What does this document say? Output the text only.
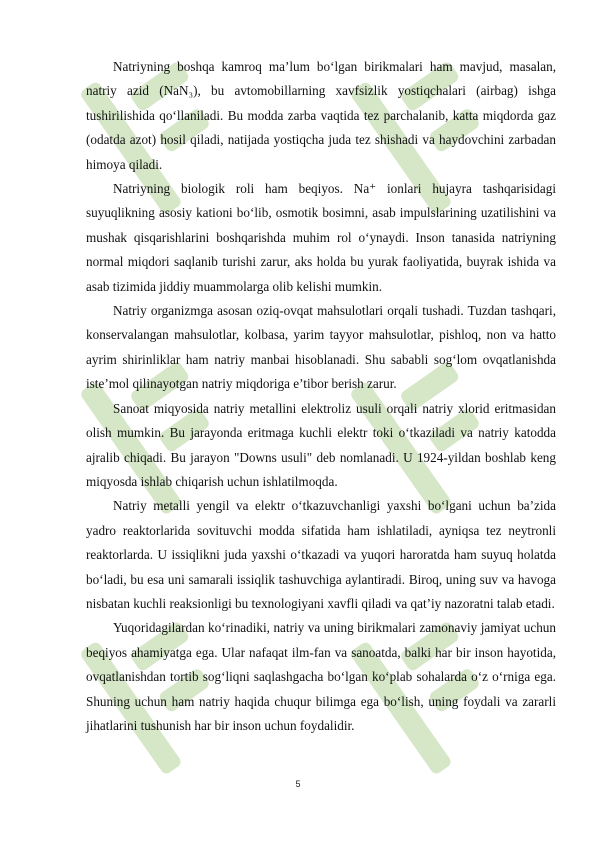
Natriyning boshqa kamroq ma’lum bo‘lgan birikmalari ham mavjud, masalan, natriy azid (NaN₃), bu avtomobillarning xavfsizlik yostiqchalari (airbag) ishga tushirilishida qo‘llaniladi. Bu modda zarba vaqtida tez parchalanib, katta miqdorda gaz (odatda azot) hosil qiladi, natijada yostiqcha juda tez shishadi va haydovchini zarbadan himoya qiladi.

Natriyning biologik roli ham beqiyos. Na⁺ ionlari hujayra tashqarisidagi suyuqlikning asosiy kationi bo‘lib, osmotik bosimni, asab impulslarining uzatilishini va mushak qisqarishlarini boshqarishda muhim rol o‘ynaydi. Inson tanasida natriyning normal miqdori saqlanib turishi zarur, aks holda bu yurak faoliyatida, buyrak ishida va asab tizimida jiddiy muammolarga olib kelishi mumkin.

Natriy organizmga asosan oziq-ovqat mahsulotlari orqali tushadi. Tuzdan tashqari, konservalangan mahsulotlar, kolbasa, yarim tayyor mahsulotlar, pishloq, non va hatto ayrim shirinliklar ham natriy manbai hisoblanadi. Shu sababli sog‘lom ovqatlanishda iste’mol qilinayotgan natriy miqdoriga e’tibor berish zarur.

Sanoat miqyosida natriy metallini elektroliz usuli orqali natriy xlorid eritmasidan olish mumkin. Bu jarayonda eritmaga kuchli elektr toki o‘tkaziladi va natriy katodda ajralib chiqadi. Bu jarayon "Downs usuli" deb nomlanadi. U 1924-yildan boshlab keng miqyosda ishlab chiqarish uchun ishlatilmoqda.

Natriy metalli yengil va elektr o‘tkazuvchanligi yaxshi bo‘lgani uchun ba’zida yadro reaktorlarida sovituvchi modda sifatida ham ishlatiladi, ayniqsa tez neytronli reaktorlarda. U issiqlikni juda yaxshi o‘tkazadi va yuqori haroratda ham suyuq holatda bo‘ladi, bu esa uni samarali issiqlik tashuvchiga aylantiradi. Biroq, uning suv va havoga nisbatan kuchli reaksionligi bu texnologiyani xavfli qiladi va qat’iy nazoratni talab etadi.

Yuqoridagilardan ko‘rinadiki, natriy va uning birikmalari zamonaviy jamiyat uchun beqiyos ahamiyatga ega. Ular nafaqat ilm-fan va sanoatda, balki har bir inson hayotida, ovqatlanishdan tortib sog‘liqni saqlashgacha bo‘lgan ko‘plab sohalarda o‘z o‘rniga ega. Shuning uchun ham natriy haqida chuqur bilimga ega bo‘lish, uning foydali va zararli jihatlarini tushunish har bir inson uchun foydalidir.

5
